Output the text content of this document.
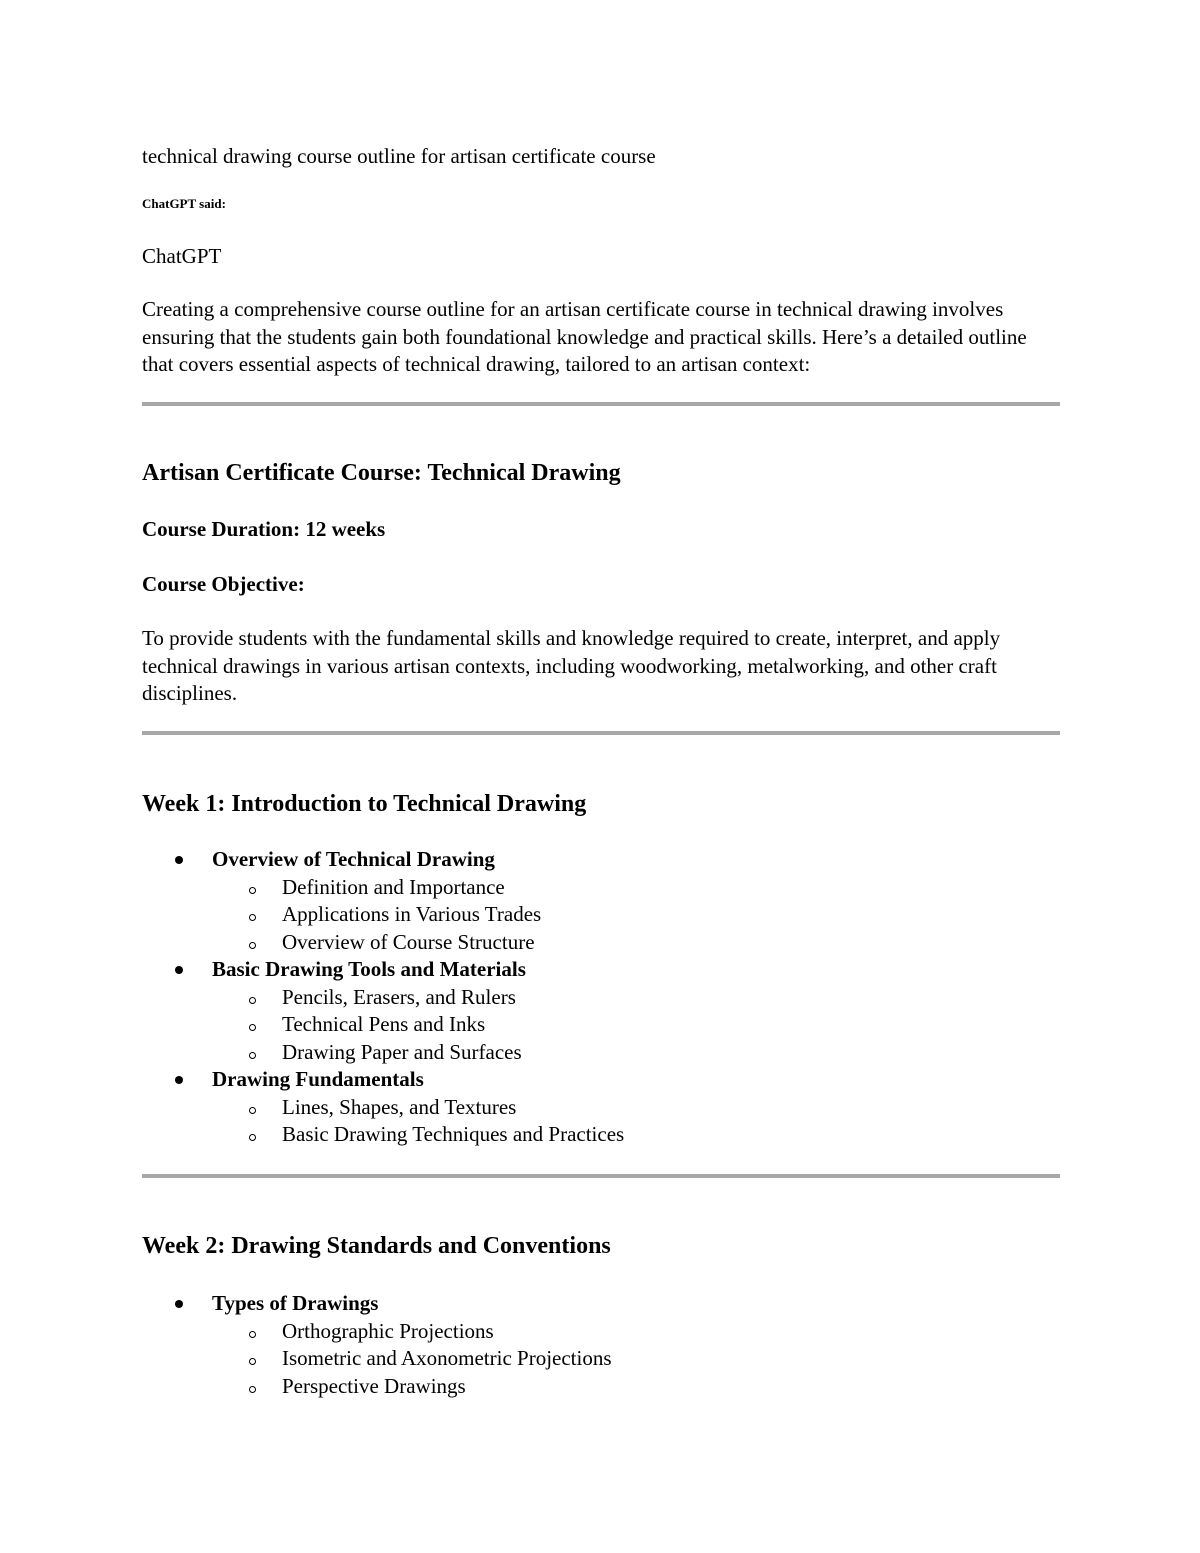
technical drawing course outline for artisan certificate course

ChatGPT said:

ChatGPT

Creating a comprehensive course outline for an artisan certificate course in technical drawing involves ensuring that the students gain both foundational knowledge and practical skills. Here’s a detailed outline that covers essential aspects of technical drawing, tailored to an artisan context:

Artisan Certificate Course: Technical Drawing

Course Duration: 12 weeks

Course Objective:

To provide students with the fundamental skills and knowledge required to create, interpret, and apply technical drawings in various artisan contexts, including woodworking, metalworking, and other craft disciplines.

Week 1: Introduction to Technical Drawing
Overview of Technical Drawing
Definition and Importance
Applications in Various Trades
Overview of Course Structure
Basic Drawing Tools and Materials
Pencils, Erasers, and Rulers
Technical Pens and Inks
Drawing Paper and Surfaces
Drawing Fundamentals
Lines, Shapes, and Textures
Basic Drawing Techniques and Practices
Week 2: Drawing Standards and Conventions
Types of Drawings
Orthographic Projections
Isometric and Axonometric Projections
Perspective Drawings
